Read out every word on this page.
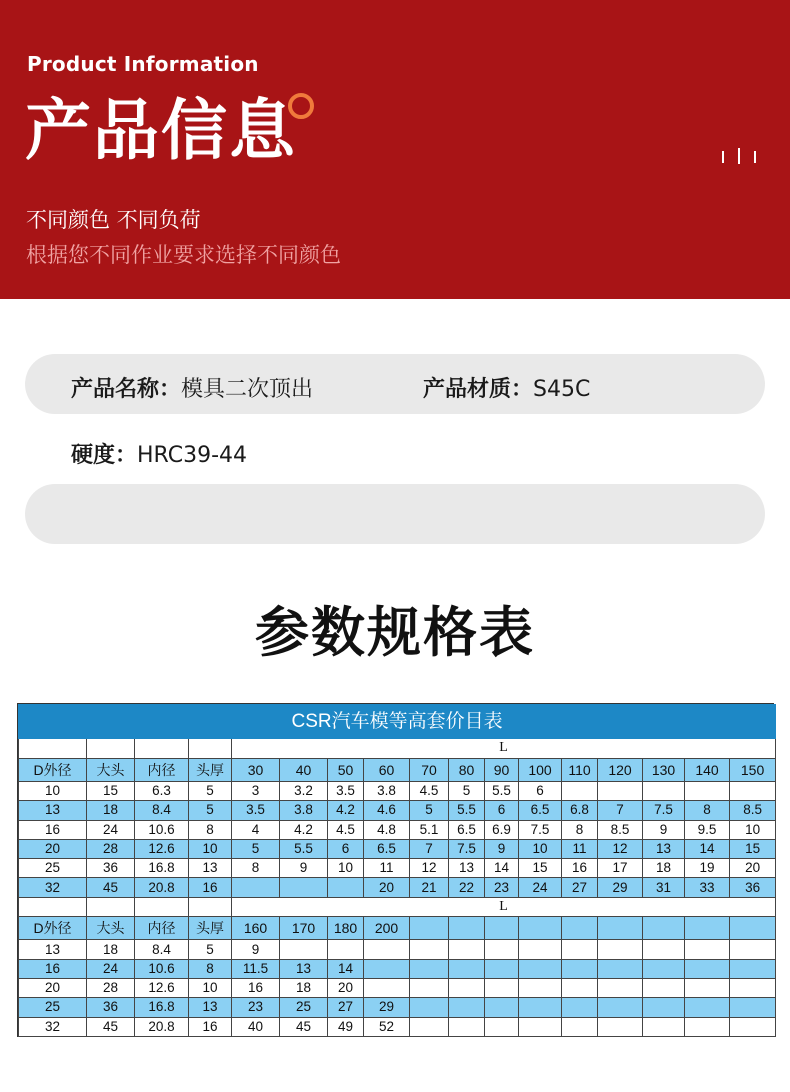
Product Information
产品信息
不同颜色 不同负荷
根据您不同作业要求选择不同颜色
产品名称：模具二次顶出	产品材质：S45C
硬度：HRC39-44
参数规格表
CSR汽车模等高套价目表																
				L												
D外径	大头	内径	头厚	30	40	50	60	70	80	90	100	110	120	130	140	150
10	15	6.3	5	3	3.2	3.5	3.8	4.5	5	5.5	6					
13	18	8.4	5	3.5	3.8	4.2	4.6	5	5.5	6	6.5	6.8	7	7.5	8	8.5
16	24	10.6	8	4	4.2	4.5	4.8	5.1	6.5	6.9	7.5	8	8.5	9	9.5	10
20	28	12.6	10	5	5.5	6	6.5	7	7.5	9	10	11	12	13	14	15
25	36	16.8	13	8	9	10	11	12	13	14	15	16	17	18	19	20
32	45	20.8	16				20	21	22	23	24	27	29	31	33	36
				L												
D外径	大头	内径	头厚	160	170	180	200									
13	18	8.4	5	9												
16	24	10.6	8	11.5	13	14										
20	28	12.6	10	16	18	20										
25	36	16.8	13	23	25	27	29									
32	45	20.8	16	40	45	49	52									
